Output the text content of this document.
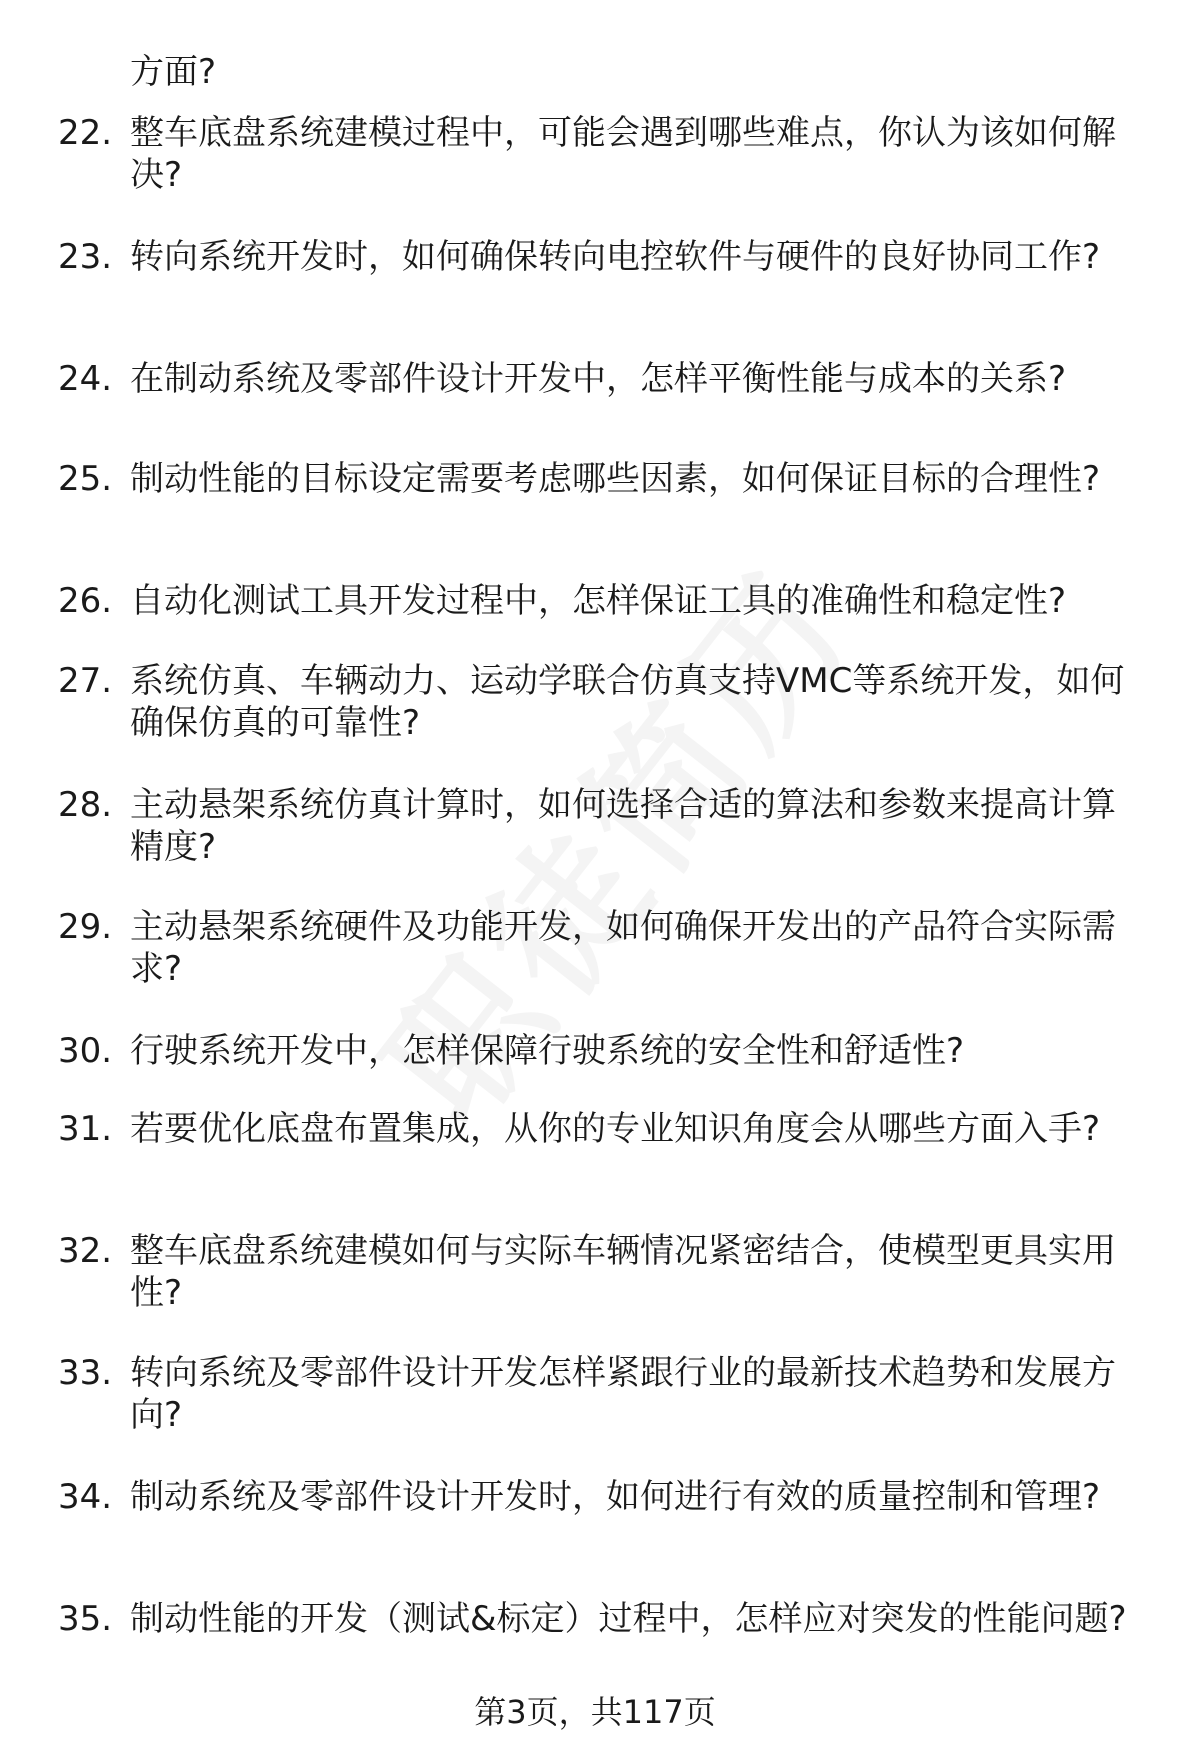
方面?

22. 整车底盘系统建模过程中，可能会遇到哪些难点，你认为该如何解决?
23. 转向系统开发时，如何确保转向电控软件与硬件的良好协同工作?
24. 在制动系统及零部件设计开发中，怎样平衡性能与成本的关系?
25. 制动性能的目标设定需要考虑哪些因素，如何保证目标的合理性?
26. 自动化测试工具开发过程中，怎样保证工具的准确性和稳定性?
27. 系统仿真、车辆动力、运动学联合仿真支持VMC等系统开发，如何确保仿真的可靠性?
28. 主动悬架系统仿真计算时，如何选择合适的算法和参数来提高计算精度?
29. 主动悬架系统硬件及功能开发，如何确保开发出的产品符合实际需求?
30. 行驶系统开发中，怎样保障行驶系统的安全性和舒适性?
31. 若要优化底盘布置集成，从你的专业知识角度会从哪些方面入手?
32. 整车底盘系统建模如何与实际车辆情况紧密结合，使模型更具实用性?
33. 转向系统及零部件设计开发怎样紧跟行业的最新技术趋势和发展方向?
34. 制动系统及零部件设计开发时，如何进行有效的质量控制和管理?
35. 制动性能的开发（测试&标定）过程中，怎样应对突发的性能问题?
第3页，共117页
